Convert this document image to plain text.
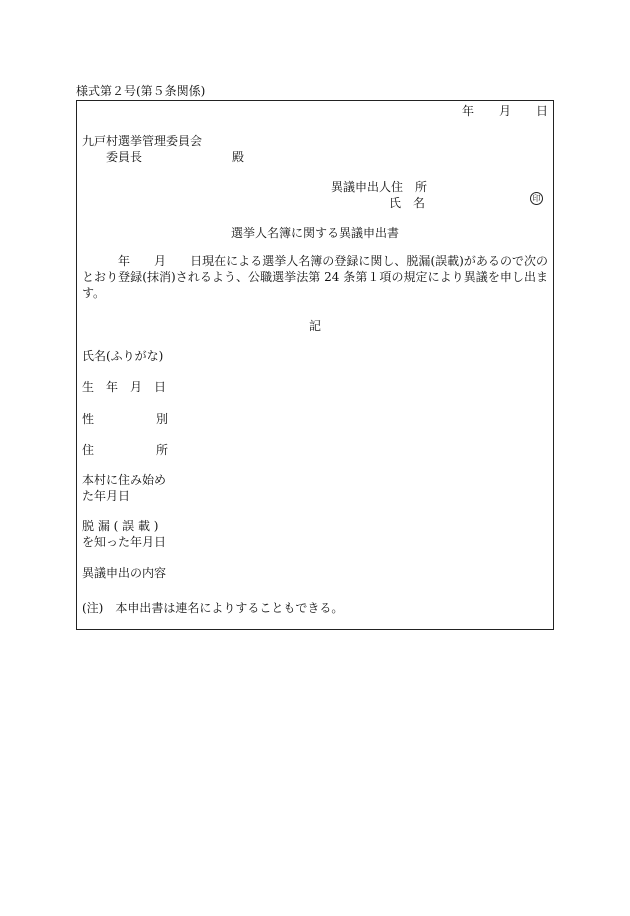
様式第２号(第５条関係)
年 月 日
九戸村選挙管理委員会
委員長	殿
異議申出人住　所
氏　名	印
選挙人名簿に関する異議申出書
年　　月　　日現在による選挙人名簿の登録に関し、脱漏(誤載)があるので次のとおり登録(抹消)されるよう、公職選挙法第 24 条第１項の規定により異議を申し出ます。
記
氏名(ふりがな)
生　年　月　日
性	別
住	所
本村に住み始め
た年月日
脱 漏 ( 誤 載 )
を知った年月日
異議申出の内容
(注)　本申出書は連名によりすることもできる。
